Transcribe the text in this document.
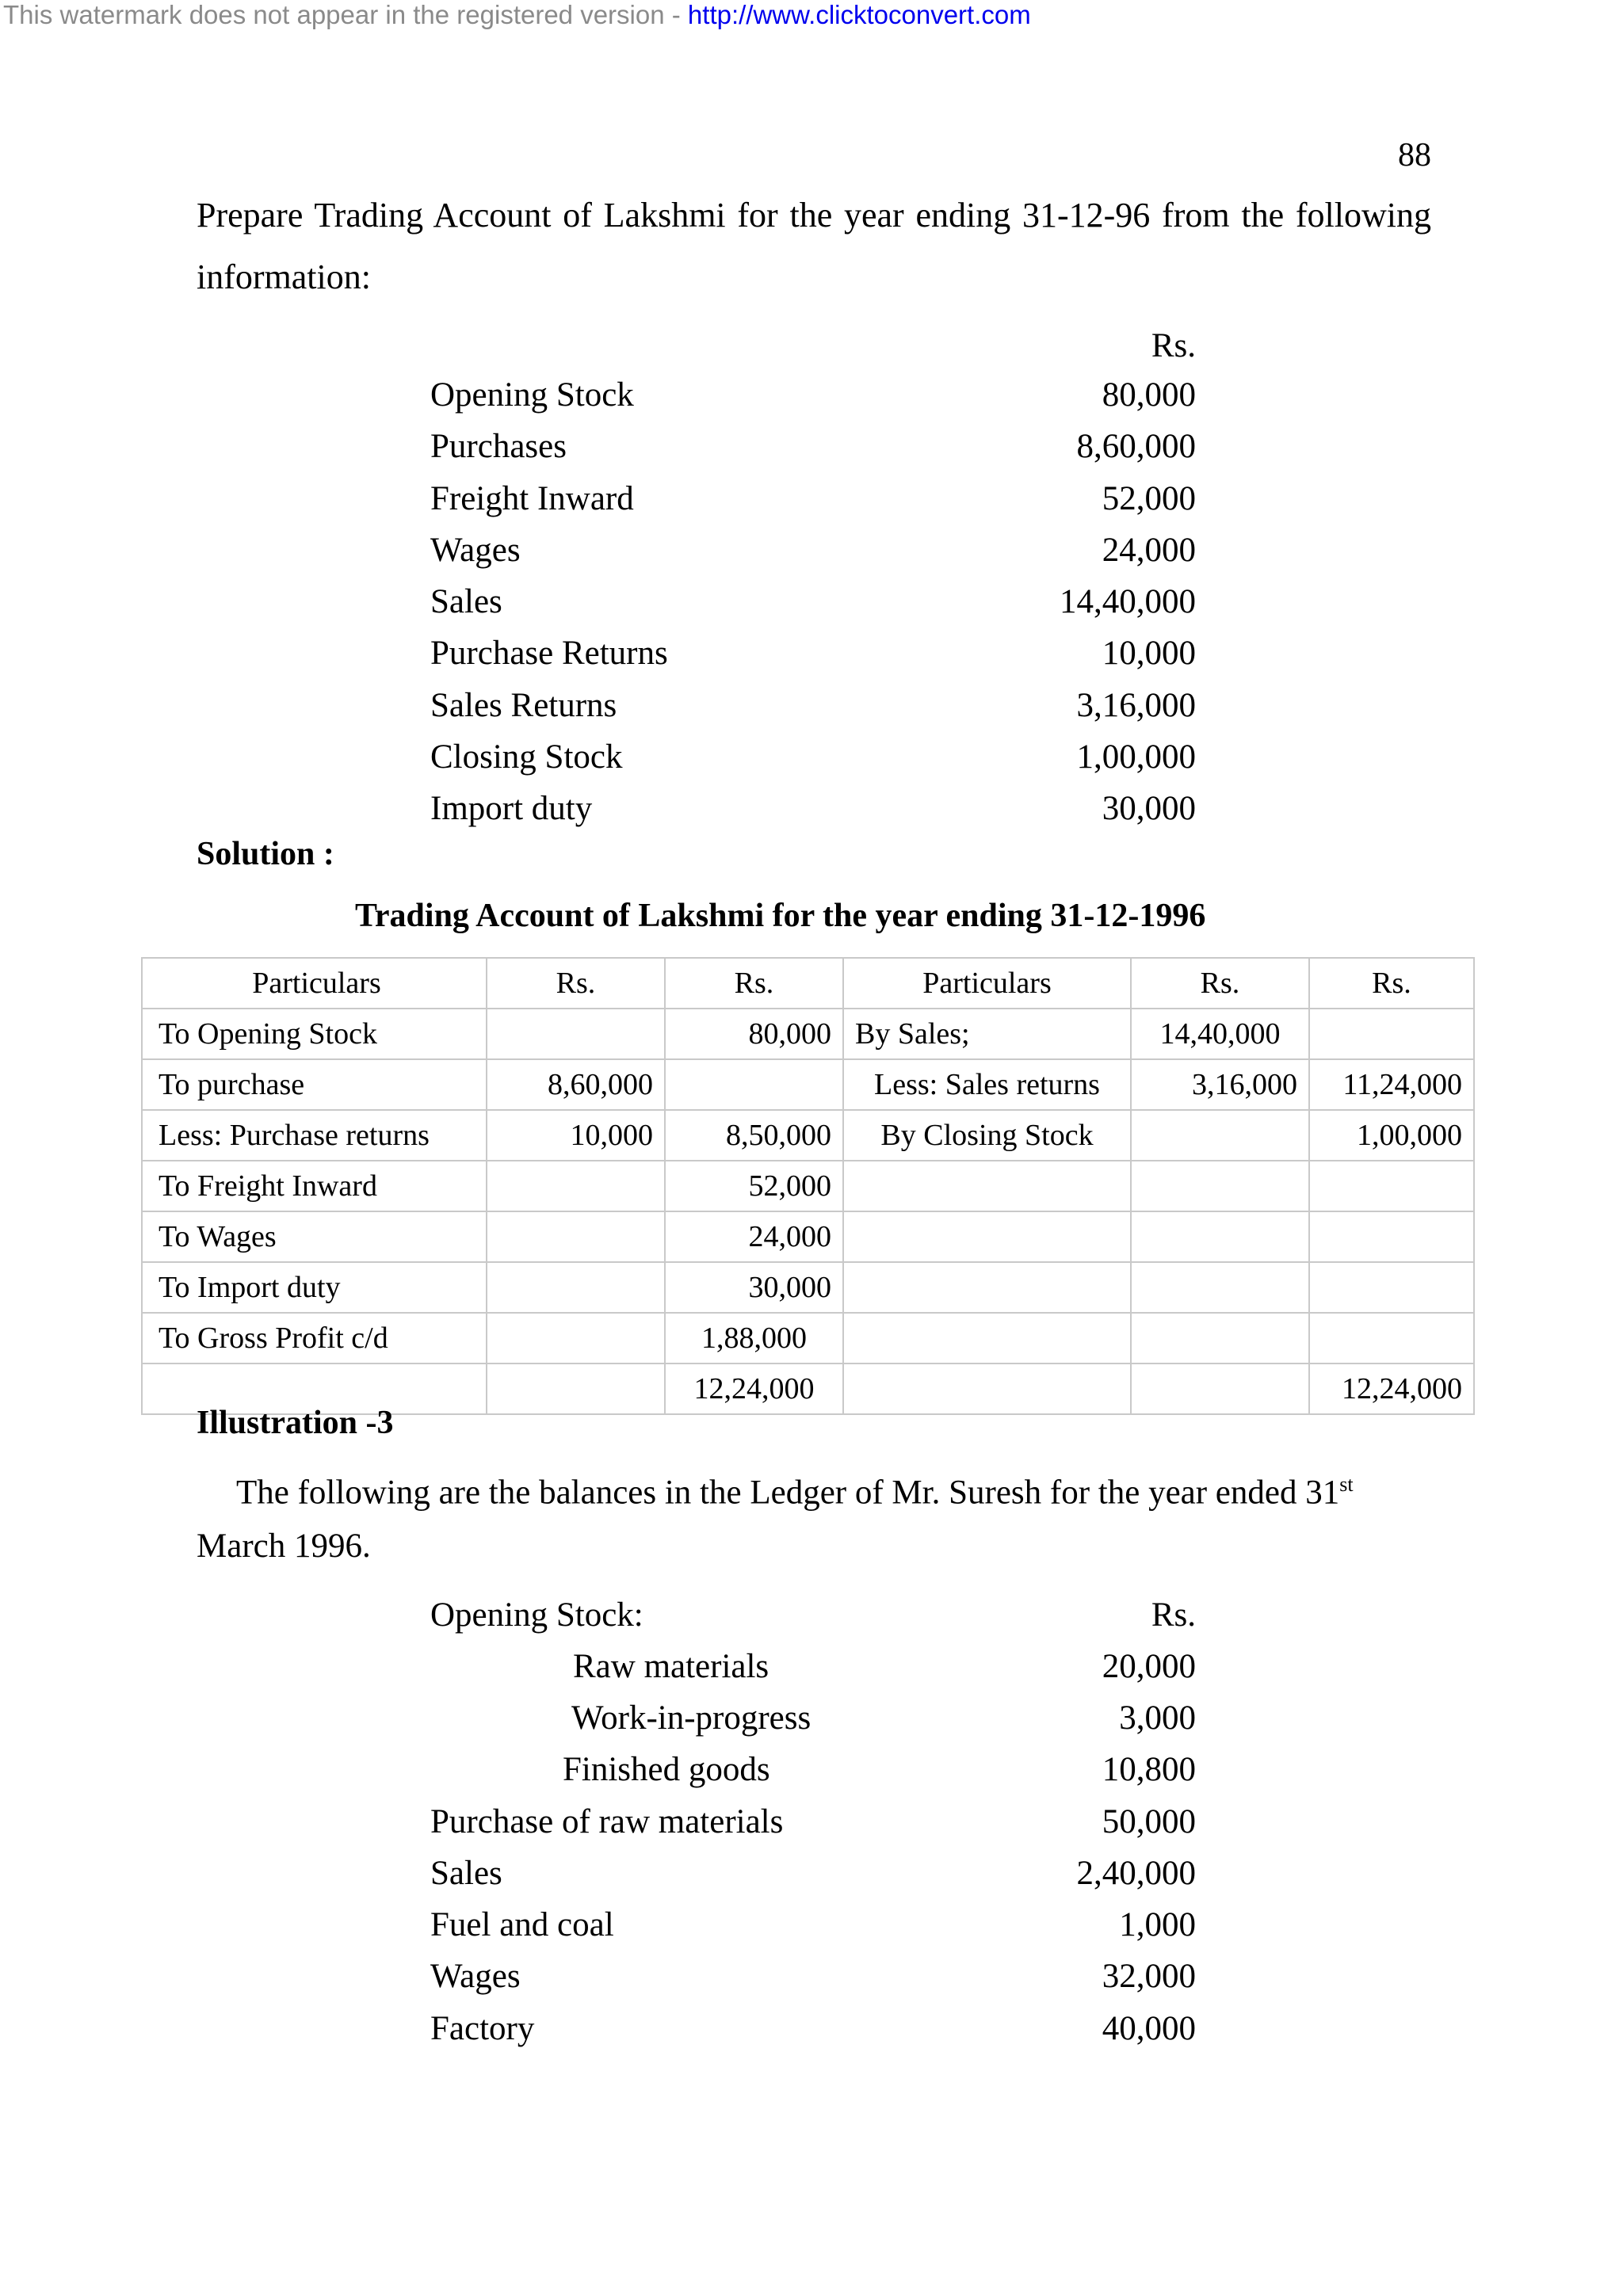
This watermark does not appear in the registered version - http://www.clicktoconvert.com
88
Prepare Trading Account of Lakshmi for the year ending 31-12-96 from the following
information:
Rs.
Opening Stock	80,000
Purchases	8,60,000
Freight Inward	52,000
Wages	24,000
Sales	14,40,000
Purchase Returns	10,000
Sales Returns	3,16,000
Closing Stock	1,00,000
Import duty	30,000
Solution :
Trading Account of Lakshmi for the year ending 31-12-1996
Particulars	Rs.	Rs.	Particulars	Rs.	Rs.
To Opening Stock		80,000	By Sales;	14,40,000	
To purchase	8,60,000		Less: Sales returns	3,16,000	11,24,000
Less: Purchase returns	10,000	8,50,000	By Closing Stock		1,00,000
To Freight Inward		52,000			
To Wages		24,000			
To Import duty		30,000			
To Gross Profit c/d		1,88,000			
		12,24,000			12,24,000
Illustration -3
The following are the balances in the Ledger of Mr. Suresh for the year ended 31st
March 1996.
Opening Stock:	Rs.
Raw materials	20,000
Work-in-progress	3,000
Finished goods	10,800
Purchase of raw materials	50,000
Sales	2,40,000
Fuel and coal	1,000
Wages	32,000
Factory	40,000
